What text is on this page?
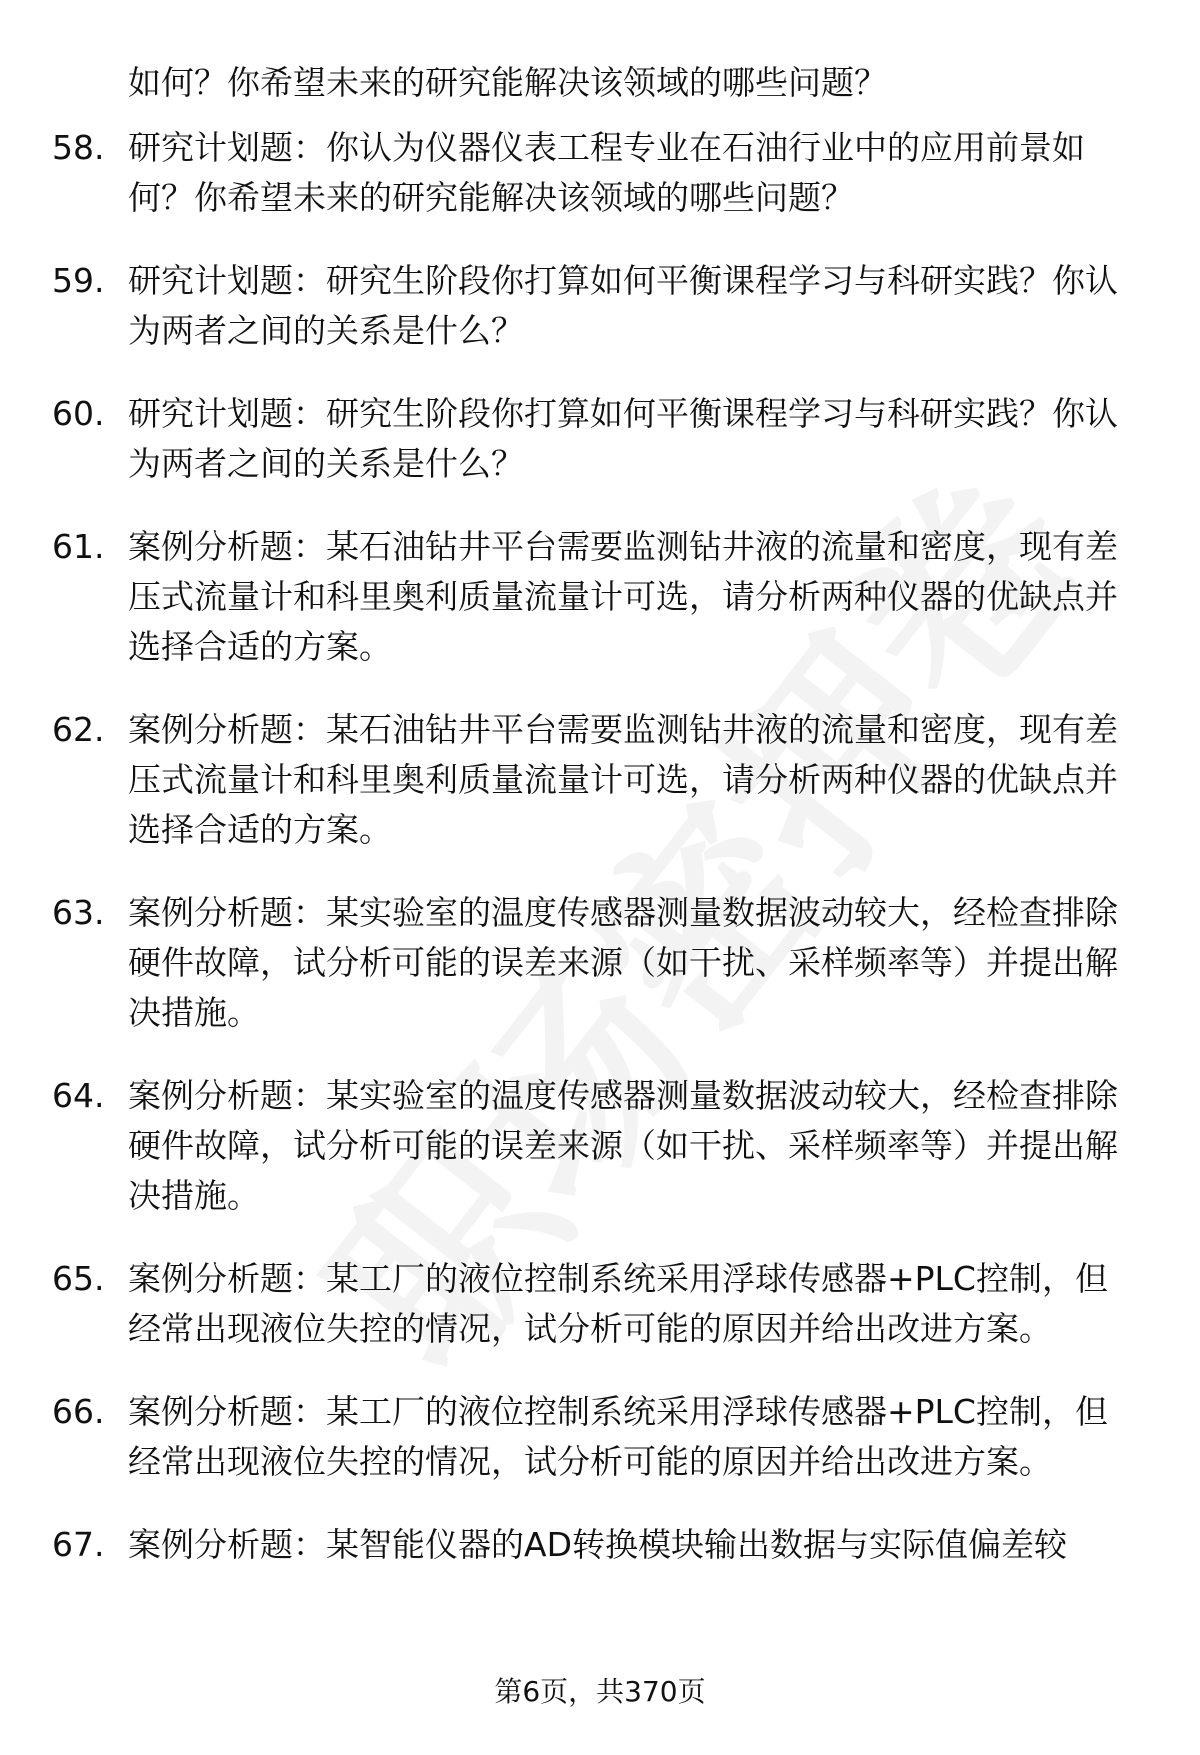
如何？你希望未来的研究能解决该领域的哪些问题？
58. 研究计划题：你认为仪器仪表工程专业在石油行业中的应用前景如何？你希望未来的研究能解决该领域的哪些问题？
59. 研究计划题：研究生阶段你打算如何平衡课程学习与科研实践？你认为两者之间的关系是什么？
60. 研究计划题：研究生阶段你打算如何平衡课程学习与科研实践？你认为两者之间的关系是什么？
61. 案例分析题：某石油钻井平台需要监测钻井液的流量和密度，现有差压式流量计和科里奥利质量流量计可选，请分析两种仪器的优缺点并选择合适的方案。
62. 案例分析题：某石油钻井平台需要监测钻井液的流量和密度，现有差压式流量计和科里奥利质量流量计可选，请分析两种仪器的优缺点并选择合适的方案。
63. 案例分析题：某实验室的温度传感器测量数据波动较大，经检查排除硬件故障，试分析可能的误差来源（如干扰、采样频率等）并提出解决措施。
64. 案例分析题：某实验室的温度传感器测量数据波动较大，经检查排除硬件故障，试分析可能的误差来源（如干扰、采样频率等）并提出解决措施。
65. 案例分析题：某工厂的液位控制系统采用浮球传感器+PLC控制，但经常出现液位失控的情况，试分析可能的原因并给出改进方案。
66. 案例分析题：某工厂的液位控制系统采用浮球传感器+PLC控制，但经常出现液位失控的情况，试分析可能的原因并给出改进方案。
67. 案例分析题：某智能仪器的AD转换模块输出数据与实际值偏差较
第6页，共370页
